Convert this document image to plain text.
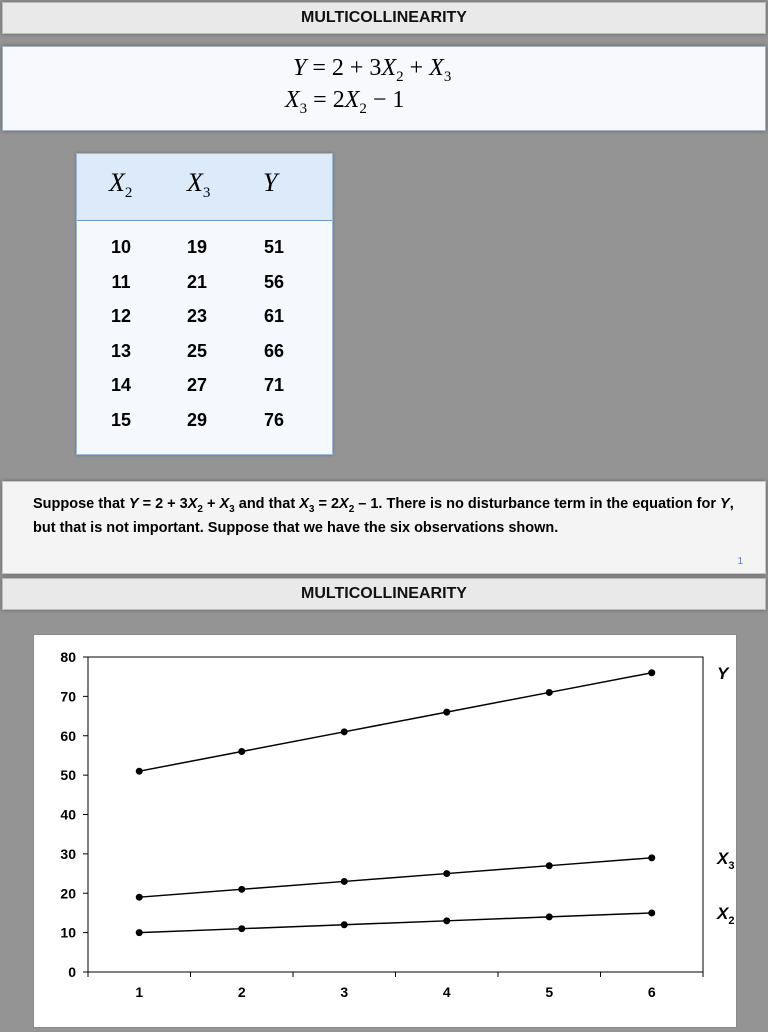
MULTICOLLINEARITY
$Y = 2 + 3X_2 + X_3$
$X_3 = 2X_2 - 1$
$X_2$ $X_3$ Y
10	19	51
11	21	56
12	23	61
13	25	66
14	27	71
15	29	76
Suppose that $Y = 2 + 3X_2 + X_3$ and that $X_3 = 2X_2 - 1$. There is no disturbance term in the equation for Y, but that is not important. Suppose that we have the six observations shown.
1
MULTICOLLINEARITY
0
10
20
30
40
50
60
70
80
1	2	3	4	5	6
Y
$X_3$
$X_2$
